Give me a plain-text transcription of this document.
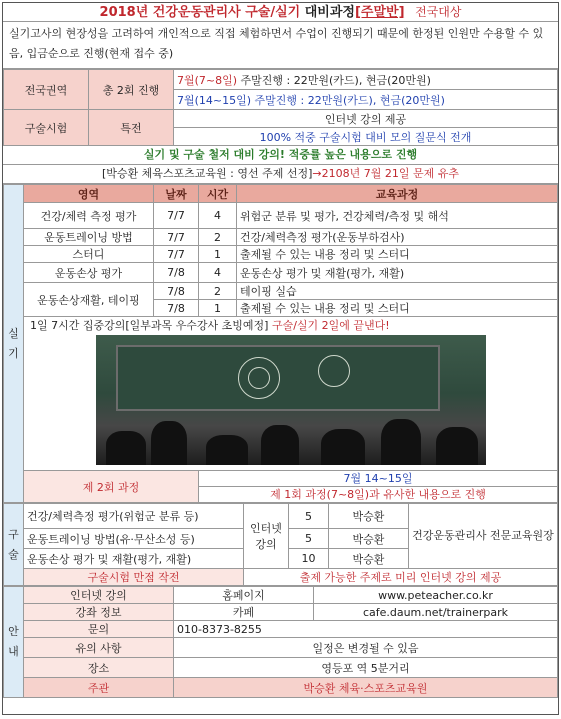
2018년 건강운동관리사 구술/실기 대비과정[주말반] 전국대상
실기고사의 현장성을 고려하여 개인적으로 직접 체험하면서 수업이 진행되기 때문에 한정된 인원만 수용할 수 있음, 입금순으로 진행(현재 접수 중)
전국권역	총 2회 진행	7월(7~8일) 주말진행 : 22만원(카드), 현금(20만원)
		7월(14~15일) 주말진행 : 22만원(카드), 현금(20만원)
구술시험	특전	인터넷 강의 제공
		100% 적중 구술시험 대비 모의 질문식 전개
실기 및 구술 철저 대비 강의! 적중률 높은 내용으로 진행
[박승환 체육스포츠교육원 : 영선 주제 선정]→2108년 7월 21일 문제 유추
실기	영역	날짜	시간	교육과정
	건강/체력 측정 평가	7/7	4	위험군 분류 및 평가, 건강체력/측정 및 해석
	운동트레이닝 방법	7/7	2	건강/체력측정 평가(운동부하검사)
	스터디	7/7	1	출제될 수 있는 내용 정리 및 스터디
	운동손상 평가	7/8	4	운동손상 평가 및 재활(평가, 재활)
	운동손상재활, 테이핑	7/8	2	테이핑 실습
		7/8	1	출제될 수 있는 내용 정리 및 스터디

	1일 7시간 집중강의[일부과목 우수강사 초빙예정] 구술/실기 2일에 끝낸다!			

	제 2회 과정		7월 14~15일
제 1회 과정(7~8일)과 유사한 내용으로 진행	
구술	건강/체력측정 평가(위험군 분류 등)	인터넷 강의	5	박승환	건강운동관리사 전문교육원장
	운동트레이닝 방법(유·무산소성 등)		5	박승환	
	운동손상 평가 및 재활(평가, 재활)		10	박승환	
	구술시험 만점 작전	출제 가능한 주제로 미리 인터넷 강의 제공			
안내	인터넷 강의	홈페이지	www.peteacher.co.kr
	강좌 정보	카페	cafe.daum.net/trainerpark
	문의	010-8373-8255	
	유의 사항	일정은 변경될 수 있음	
	장소	영등포 역 5분거리	
	주관	박승환 체육·스포츠교육원	
